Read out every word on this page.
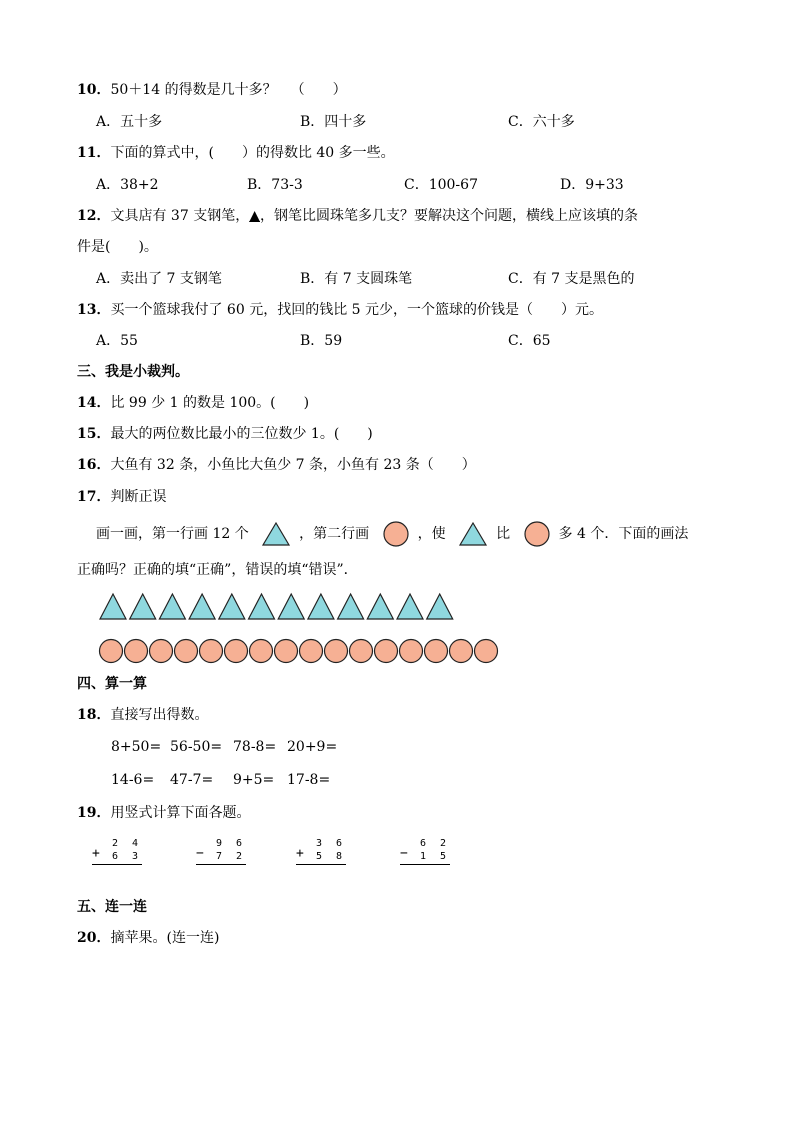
10．50＋14 的得数是几十多？ （　　）
A．五十多	B．四十多	C．六十多
11．下面的算式中，(　　）的得数比 40 多一些。
A．38+2	B．73-3	C．100-67	D．9+33
12．文具店有 37 支钢笔，▲，钢笔比圆珠笔多几支？要解决这个问题，横线上应该填的条
件是(　　)。
A．卖出了 7 支钢笔	B．有 7 支圆珠笔	C．有 7 支是黑色的
13．买一个篮球我付了 60 元，找回的钱比 5 元少，一个篮球的价钱是（　　）元。
A．55	B．59	C．65
三、我是小裁判。
14．比 99 少 1 的数是 100。(　　)
15．最大的两位数比最小的三位数少 1。(　　)
16．大鱼有 32 条，小鱼比大鱼少 7 条，小鱼有 23 条（　　）
17．判断正误
画一画，第一行画 12 个	，第二行画	，使	比	多 4 个．下面的画法
正确吗？正确的填“正确”，错误的填“错误”．
四、算一算
18．直接写出得数。
8+50= 56-50= 78-8= 20+9=
14-6= 47-7= 9+5= 17-8=
19．用竖式计算下面各题。
2 4
6 3
+
9 6
7 2
−
3 6
5 8
+
6 2
1 5
−
五、连一连
20．摘苹果。(连一连)
